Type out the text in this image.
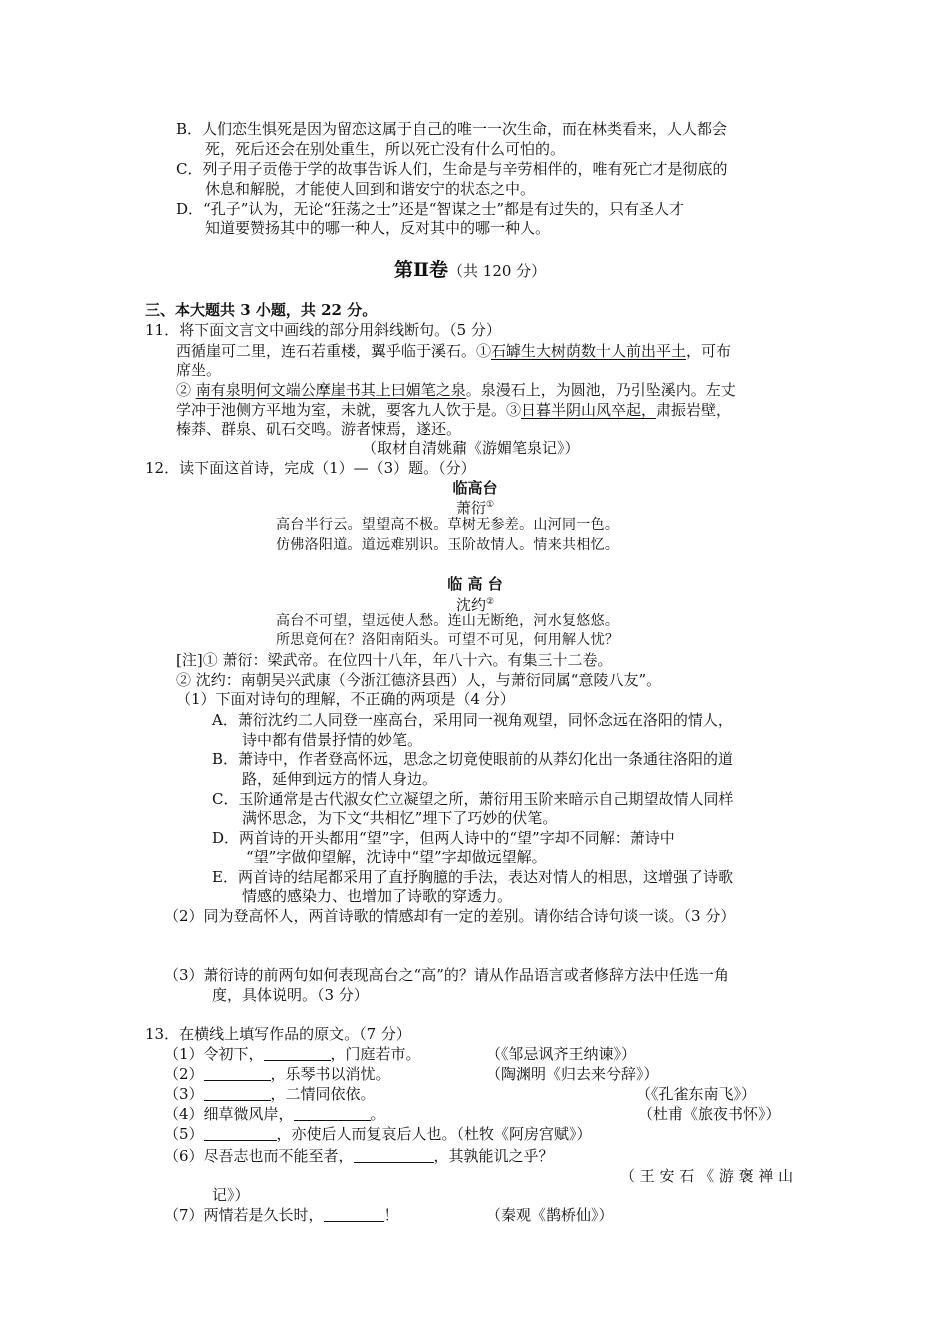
B．人们恋生惧死是因为留恋这属于自己的唯一一次生命，而在林类看来，人人都会
死，死后还会在别处重生，所以死亡没有什么可怕的。
C．列子用子贡倦于学的故事告诉人们，生命是与辛劳相伴的，唯有死亡才是彻底的
休息和解脱，才能使人回到和谐安宁的状态之中。
D．“孔子”认为，无论“狂荡之士”还是“智谋之士”都是有过失的，只有圣人才
知道要赞扬其中的哪一种人，反对其中的哪一种人。
第Ⅱ卷（共 120 分）
三、本大题共 3 小题，共 22 分。
11．将下面文言文中画线的部分用斜线断句。（5 分）
西循崖可二里，连石若重楼，翼乎临于溪石。①石罅生大树荫数十人前出平土，可布
席坐。
② 南有泉明何文端公摩崖书其上曰媚笔之泉。泉漫石上，为圆池，乃引坠溪内。左丈
学冲于池侧方平地为室，未就，要客九人饮于是。③日暮半阴山风卒起，肃振岩壁，
榛莽、群泉、矶石交鸣。游者悚焉，遂还。
（取材自清姚鼐《游媚笔泉记》）
12．读下面这首诗，完成（1）—（3）题。（分）
临高台
萧衍①
高台半行云。望望高不极。草树无参差。山河同一色。
仿佛洛阳道。道远难别识。玉阶故情人。情来共相忆。
临 高 台
沈约②
高台不可望，望远使人愁。连山无断绝，河水复悠悠。
所思竟何在？洛阳南陌头。可望不可见，何用解人忧？
[注]① 萧衍：梁武帝。在位四十八年，年八十六。有集三十二卷。
② 沈约：南朝吴兴武康（今浙江德济县西）人，与萧衍同属“意陵八友”。
（1）下面对诗句的理解，不正确的两项是（4 分）
A．萧衍沈约二人同登一座高台，采用同一视角观望，同怀念远在洛阳的情人，
诗中都有借景抒情的妙笔。
B．萧诗中，作者登高怀远，思念之切竟使眼前的从莽幻化出一条通往洛阳的道
路，延伸到远方的情人身边。
C．玉阶通常是古代淑女伫立凝望之所，萧衍用玉阶来暗示自己期望故情人同样
满怀思念，为下文“共相忆”埋下了巧妙的伏笔。
D．两首诗的开头都用“望”字，但两人诗中的“望”字却不同解：萧诗中
“望”字做仰望解，沈诗中“望”字却做远望解。
E．两首诗的结尾都采用了直抒胸臆的手法，表达对情人的相思，这增强了诗歌
情感的感染力、也增加了诗歌的穿透力。
（2）同为登高怀人，两首诗歌的情感却有一定的差别。请你结合诗句谈一谈。（3 分）
（3）萧衍诗的前两句如何表现高台之“高”的？请从作品语言或者修辞方法中任选一角
度，具体说明。（3 分）
13．在横线上填写作品的原文。（7 分）
（1）令初下，	，门庭若市。	（《邹忌讽齐王纳谏》）
（2）	，乐琴书以消忧。	（陶渊明《归去来兮辞》）
（3）	，二情同依依。	（《孔雀东南飞》）
（4）细草微风岸，	。	（杜甫《旅夜书怀》）
（5）	，亦使后人而复哀后人也。（杜牧《阿房宫赋》）
（6）尽吾志也而不能至者，	，其孰能讥之乎？
（ 王 安 石 《 游 褒 禅 山
记》）
（7）两情若是久长时，	！	（秦观《鹊桥仙》）
